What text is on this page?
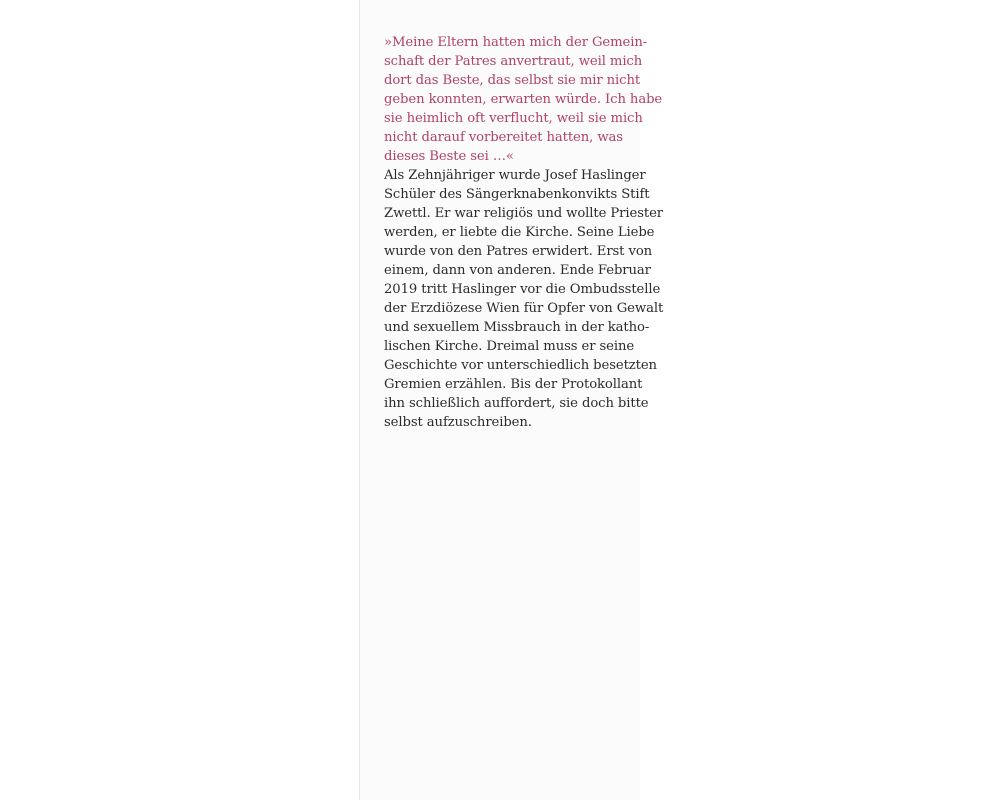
»Meine Eltern hatten mich der Gemein-
schaft der Patres anvertraut, weil mich
dort das Beste, das selbst sie mir nicht
geben konnten, erwarten würde. Ich habe
sie heimlich oft verflucht, weil sie mich
nicht darauf vorbereitet hatten, was
dieses Beste sei …«
Als Zehnjähriger wurde Josef Haslinger
Schüler des Sängerknabenkonvikts Stift
Zwettl. Er war religiös und wollte Priester
werden, er liebte die Kirche. Seine Liebe
wurde von den Patres erwidert. Erst von
einem, dann von anderen. Ende Februar
2019 tritt Haslinger vor die Ombudsstelle
der Erzdiözese Wien für Opfer von Gewalt
und sexuellem Missbrauch in der katho-
lischen Kirche. Dreimal muss er seine
Geschichte vor unterschiedlich besetzten
Gremien erzählen. Bis der Protokollant
ihn schließlich auffordert, sie doch bitte
selbst aufzuschreiben.
